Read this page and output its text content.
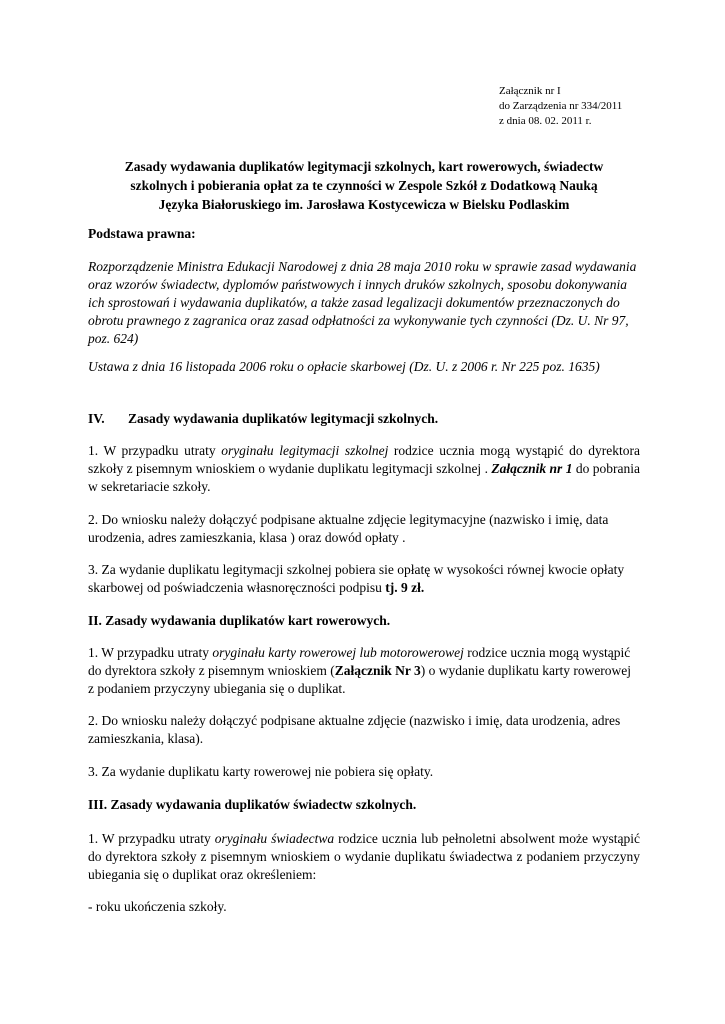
Załącznik nr I
do Zarządzenia nr 334/2011
z dnia 08. 02. 2011 r.
Zasady wydawania duplikatów legitymacji szkolnych, kart rowerowych, świadectw
szkolnych i pobierania opłat za te czynności w Zespole Szkół z Dodatkową Nauką
Języka Białoruskiego im. Jarosława Kostycewicza w Bielsku Podlaskim
Podstawa prawna:
Rozporządzenie Ministra Edukacji Narodowej z dnia 28 maja 2010 roku w sprawie zasad wydawania oraz wzorów świadectw, dyplomów państwowych i innych druków szkolnych, sposobu dokonywania ich sprostowań i wydawania duplikatów, a także zasad legalizacji dokumentów przeznaczonych do obrotu prawnego z zagranica oraz zasad odpłatności za wykonywanie tych czynności (Dz. U. Nr 97, poz. 624)
Ustawa z dnia 16 listopada 2006 roku o opłacie skarbowej (Dz. U. z 2006 r. Nr 225 poz. 1635)
IV. Zasady wydawania duplikatów legitymacji szkolnych.
1. W przypadku utraty oryginału legitymacji szkolnej rodzice ucznia mogą wystąpić do dyrektora szkoły z pisemnym wnioskiem o wydanie duplikatu legitymacji szkolnej . Załącznik nr 1 do pobrania w sekretariacie szkoły.
2. Do wniosku należy dołączyć podpisane aktualne zdjęcie legitymacyjne (nazwisko i imię, data urodzenia, adres zamieszkania, klasa ) oraz dowód opłaty .
3. Za wydanie duplikatu legitymacji szkolnej pobiera sie opłatę w wysokości równej kwocie opłaty skarbowej od poświadczenia własnoręczności podpisu tj. 9 zł.
II. Zasady wydawania duplikatów kart rowerowych.
1. W przypadku utraty oryginału karty rowerowej lub motorowerowej rodzice ucznia mogą wystąpić do dyrektora szkoły z pisemnym wnioskiem (Załącznik Nr 3) o wydanie duplikatu karty rowerowej z podaniem przyczyny ubiegania się o duplikat.
2. Do wniosku należy dołączyć podpisane aktualne zdjęcie (nazwisko i imię, data urodzenia, adres zamieszkania, klasa).
3. Za wydanie duplikatu karty rowerowej nie pobiera się opłaty.
III. Zasady wydawania duplikatów świadectw szkolnych.
1. W przypadku utraty oryginału świadectwa rodzice ucznia lub pełnoletni absolwent może wystąpić do dyrektora szkoły z pisemnym wnioskiem o wydanie duplikatu świadectwa z podaniem przyczyny ubiegania się o duplikat oraz określeniem:
- roku ukończenia szkoły.
